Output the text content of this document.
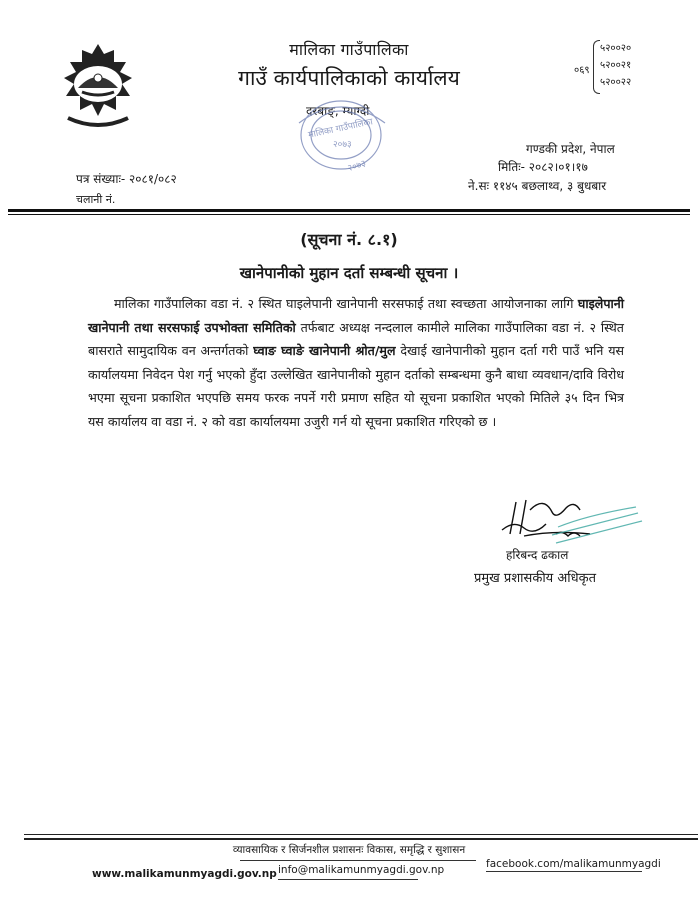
मालिका गाउँपालिका
गाउँ कार्यपालिकाको कार्यालय
दरबाङ्, म्याग्दी
०६९
५२००२०
५२००२१
५२००२२
मालिका गाउँपालिका
२०७३
२०७३
गण्डकी प्रदेश, नेपाल
मितिः- २०८२।०१।१७
ने.सः ११४५ बछलाथ्व, ३ बुधबार
पत्र संख्याः- २०८१/०८२
चलानी नं.
(सूचना नं. ८.१)
खानेपानीको मुहान दर्ता सम्बन्धी सूचना ।
मालिका गाउँपालिका वडा नं. २ स्थित घाइलेपानी खानेपानी सरसफाई तथा स्वच्छता आयोजनाका लागि घाइलेपानी खानेपानी तथा सरसफाई उपभोक्ता समितिको तर्फबाट अध्यक्ष नन्दलाल कामीले मालिका गाउँपालिका वडा नं. २ स्थित बासरातेे सामुदायिक वन अन्तर्गतको घ्वाङ घ्वाङे खानेपानी श्रोत/मुल देखाई खानेपानीको मुहान दर्ता गरी पाउँ भनि यस कार्यालयमा निवेदन पेश गर्नु भएको हुँदा उल्लेखित खानेपानीको मुहान दर्ताको सम्बन्धमा कुनै बाधा व्यवधान/दावि विरोध भएमा सूचना प्रकाशित भएपछि समय फरक नपर्ने गरी प्रमाण सहित यो सूचना प्रकाशित भएको मितिले ३५ दिन भित्र यस कार्यालय वा वडा नं. २ को वडा कार्यालयमा उजुरी गर्न यो सूचना प्रकाशित गरिएको छ ।
हरिबन्द ढकाल
प्रमुख प्रशासकीय अधिकृत
व्यावसायिक र सिर्जनशील प्रशासनः विकास, समृद्धि र सुशासन
www.malikamunmyagdi.gov.np info@malikamunmyagdi.gov.np	facebook.com/malikamunmyagdi
